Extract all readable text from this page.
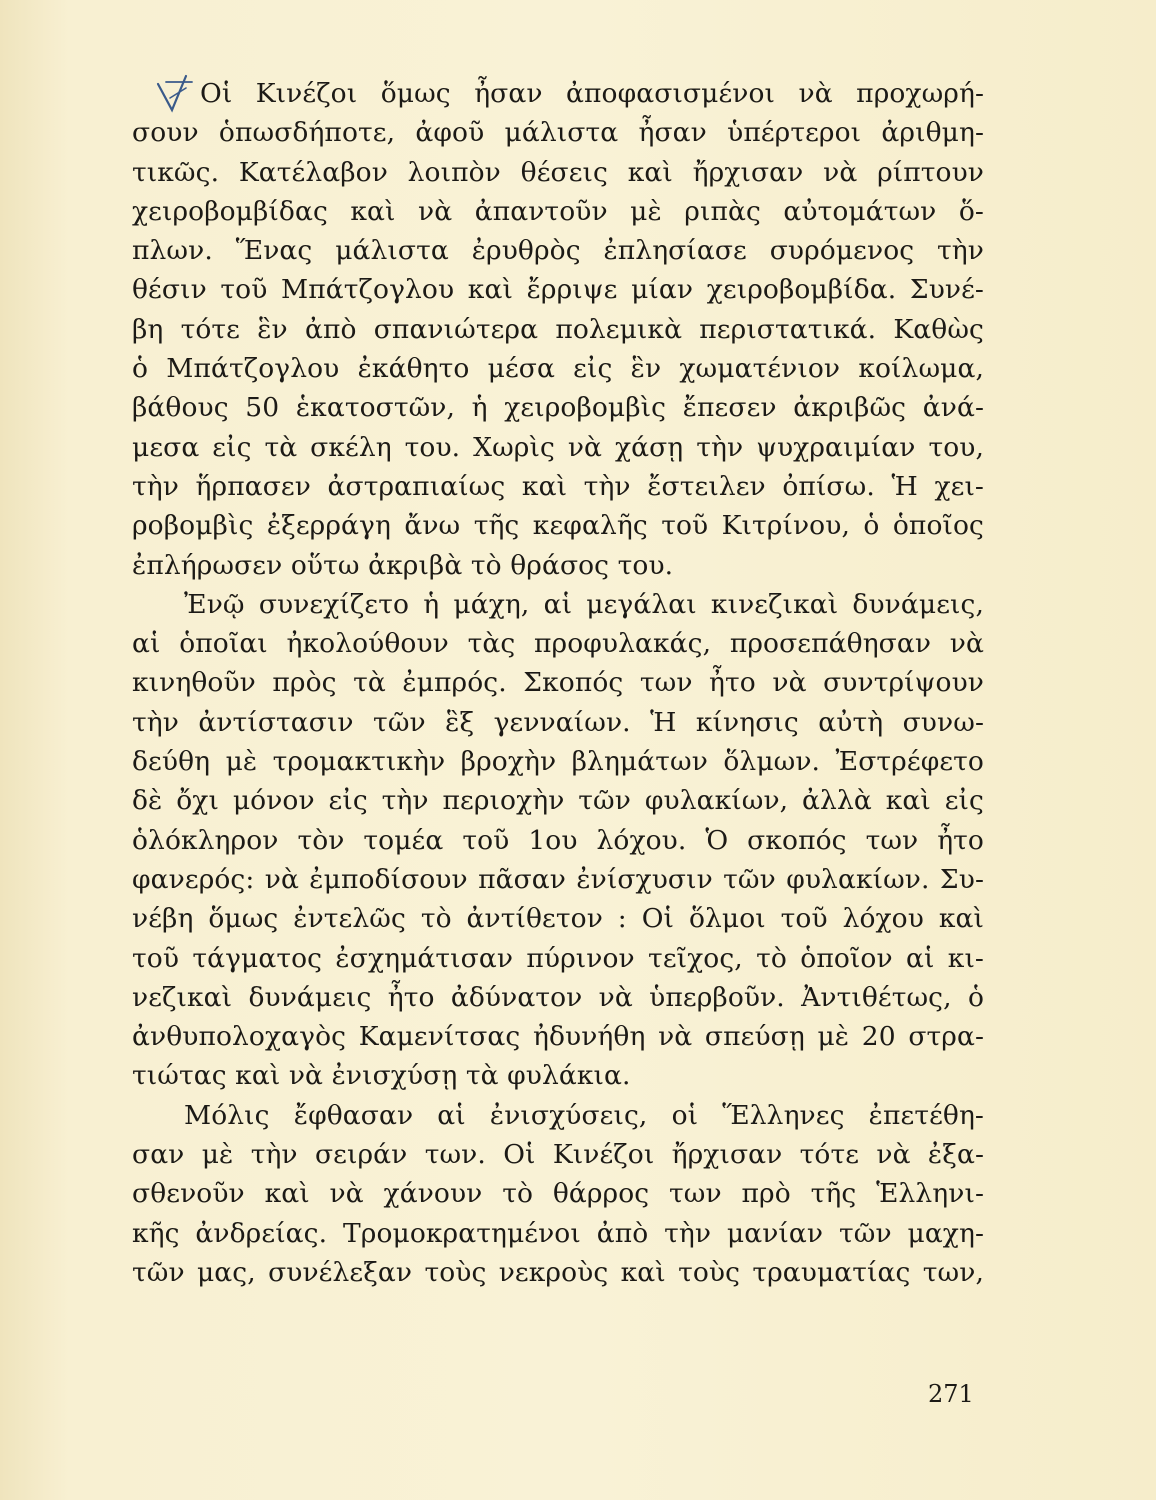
Οἱ Κινέζοι ὅμως ἦσαν ἀποφασισμένοι νὰ προχωρή-
σουν ὁπωσδήποτε, ἀφοῦ μάλιστα ἦσαν ὑπέρτεροι ἀριθμη-
τικῶς. Κατέλαβον λοιπὸν θέσεις καὶ ἤρχισαν νὰ ρίπτουν
χειροβομβίδας καὶ νὰ ἀπαντοῦν μὲ ριπὰς αὐτομάτων ὅ-
πλων. Ἕνας μάλιστα ἐρυθρὸς ἐπλησίασε συρόμενος τὴν
θέσιν τοῦ Μπάτζογλου καὶ ἔρριψε μίαν χειροβομβίδα. Συνέ-
βη τότε ἓν ἀπὸ σπανιώτερα πολεμικὰ περιστατικά. Καθὼς
ὁ Μπάτζογλου ἐκάθητο μέσα εἰς ἓν χωματένιον κοίλωμα,
βάθους 50 ἑκατοστῶν, ἡ χειροβομβὶς ἔπεσεν ἀκριβῶς ἀνά-
μεσα εἰς τὰ σκέλη του. Χωρὶς νὰ χάσῃ τὴν ψυχραιμίαν του,
τὴν ἥρπασεν ἀστραπιαίως καὶ τὴν ἔστειλεν ὀπίσω. Ἡ χει-
ροβομβὶς ἐξερράγη ἄνω τῆς κεφαλῆς τοῦ Κιτρίνου, ὁ ὁποῖος
ἐπλήρωσεν οὕτω ἀκριβὰ τὸ θράσος του.
Ἐνῷ συνεχίζετο ἡ μάχη, αἱ μεγάλαι κινεζικαὶ δυνάμεις,
αἱ ὁποῖαι ἠκολούθουν τὰς προφυλακάς, προσεπάθησαν νὰ
κινηθοῦν πρὸς τὰ ἐμπρός. Σκοπός των ἦτο νὰ συντρίψουν
τὴν ἀντίστασιν τῶν ἓξ γενναίων. Ἡ κίνησις αὐτὴ συνω-
δεύθη μὲ τρομακτικὴν βροχὴν βλημάτων ὅλμων. Ἐστρέφετο
δὲ ὄχι μόνον εἰς τὴν περιοχὴν τῶν φυλακίων, ἀλλὰ καὶ εἰς
ὁλόκληρον τὸν τομέα τοῦ 1ου λόχου. Ὁ σκοπός των ἦτο
φανερός: νὰ ἐμποδίσουν πᾶσαν ἐνίσχυσιν τῶν φυλακίων. Συ-
νέβη ὅμως ἐντελῶς τὸ ἀντίθετον : Οἱ ὅλμοι τοῦ λόχου καὶ
τοῦ τάγματος ἐσχημάτισαν πύρινον τεῖχος, τὸ ὁποῖον αἱ κι-
νεζικαὶ δυνάμεις ἦτο ἀδύνατον νὰ ὑπερβοῦν. Ἀντιθέτως, ὁ
ἀνθυπολοχαγὸς Καμενίτσας ἠδυνήθη νὰ σπεύσῃ μὲ 20 στρα-
τιώτας καὶ νὰ ἐνισχύσῃ τὰ φυλάκια.
Μόλις ἔφθασαν αἱ ἐνισχύσεις, οἱ Ἕλληνες ἐπετέθη-
σαν μὲ τὴν σειράν των. Οἱ Κινέζοι ἤρχισαν τότε νὰ ἐξα-
σθενοῦν καὶ νὰ χάνουν τὸ θάρρος των πρὸ τῆς Ἑλληνι-
κῆς ἀνδρείας. Τρομοκρατημένοι ἀπὸ τὴν μανίαν τῶν μαχη-
τῶν μας, συνέλεξαν τοὺς νεκροὺς καὶ τοὺς τραυματίας των,
271
